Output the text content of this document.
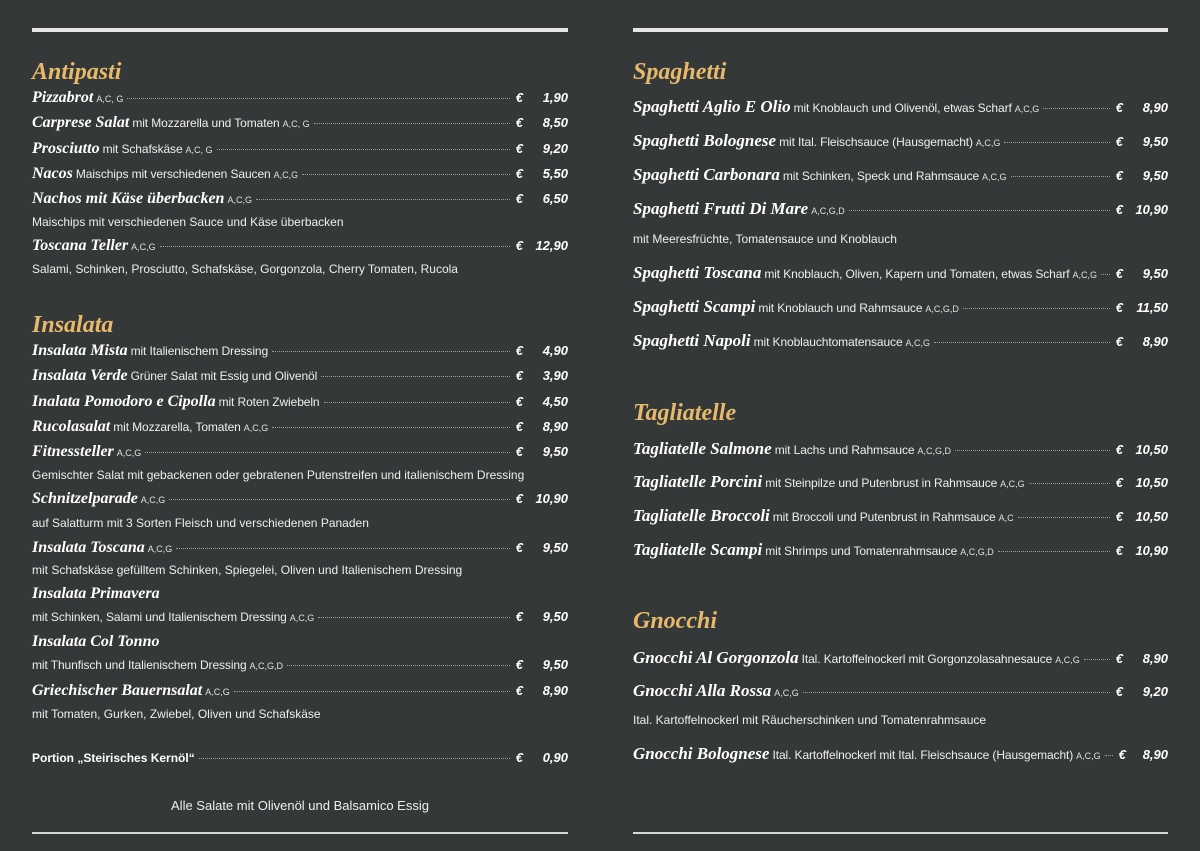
Antipasti
Pizzabrot A,C, G	€	1,90
Carprese Salat mit Mozzarella und Tomaten A,C, G	€	8,50
Prosciutto mit Schafskäse A,C, G	€	9,20
Nacos Maischips mit verschiedenen Saucen A,C,G	€	5,50
Nachos mit Käse überbacken A,C,G	€	6,50
Maischips mit verschiedenen Sauce und Käse überbacken
Toscana Teller A,C,G	€ 12,90
Salami, Schinken, Prosciutto, Schafskäse, Gorgonzola, Cherry Tomaten, Rucola
Insalata
Insalata Mista mit Italienischem Dressing	€	4,90
Insalata Verde Grüner Salat mit Essig und Olivenöl	€	3,90
Inalata Pomodoro e Cipolla mit Roten Zwiebeln	€	4,50
Rucolasalat mit Mozzarella, Tomaten A,C,G	€	8,90
Fitnessteller A,C,G	€	9,50
Gemischter Salat mit gebackenen oder gebratenen Putenstreifen und italienischem Dressing
Schnitzelparade A,C,G	€ 10,90
auf Salatturm mit 3 Sorten Fleisch und verschiedenen Panaden
Insalata Toscana A,C,G	€	9,50
mit Schafskäse gefülltem Schinken, Spiegelei, Oliven und Italienischem Dressing
Insalata Primavera
mit Schinken, Salami und Italienischem Dressing A,C,G	€	9,50
Insalata Col Tonno
mit Thunfisch und Italienischem Dressing A,C,G,D	€	9,50
Griechischer Bauernsalat A,C,G	€	8,90
mit Tomaten, Gurken, Zwiebel, Oliven und Schafskäse
Portion „Steirisches Kernöl“	€	0,90
Alle Salate mit Olivenöl und Balsamico Essig
Spaghetti
Spaghetti Aglio E Olio mit Knoblauch und Olivenöl, etwas Scharf A,C,G	€	8,90
Spaghetti Bolognese mit Ital. Fleischsauce (Hausgemacht) A,C,G	€	9,50
Spaghetti Carbonara mit Schinken, Speck und Rahmsauce A,C,G	€	9,50
Spaghetti Frutti Di Mare A,C,G,D	€ 10,90
mit Meeresfrüchte, Tomatensauce und Knoblauch
Spaghetti Toscana mit Knoblauch, Oliven, Kapern und Tomaten, etwas Scharf A,C,G €	9,50
Spaghetti Scampi mit Knoblauch und Rahmsauce A,C,G,D	€	11,50
Spaghetti Napoli mit Knoblauchtomatensauce A,C,G	€	8,90
Tagliatelle
Tagliatelle Salmone mit Lachs und Rahmsauce A,C,G,D	€ 10,50
Tagliatelle Porcini mit Steinpilze und Putenbrust in Rahmsauce A,C,G	€ 10,50
Tagliatelle Broccoli mit Broccoli und Putenbrust in Rahmsauce A,C	€ 10,50
Tagliatelle Scampi mit Shrimps und Tomatenrahmsauce A,C,G,D	€ 10,90
Gnocchi
Gnocchi Al Gorgonzola Ital. Kartoffelnockerl mit Gorgonzolasahnesauce A,C,G	€	8,90
Gnocchi Alla Rossa A,C,G	€	9,20
Ital. Kartoffelnockerl mit Räucherschinken und Tomatenrahmsauce
Gnocchi Bolognese Ital. Kartoffelnockerl mit Ital. Fleischsauce (Hausgemacht) A,C,G €	8,90
